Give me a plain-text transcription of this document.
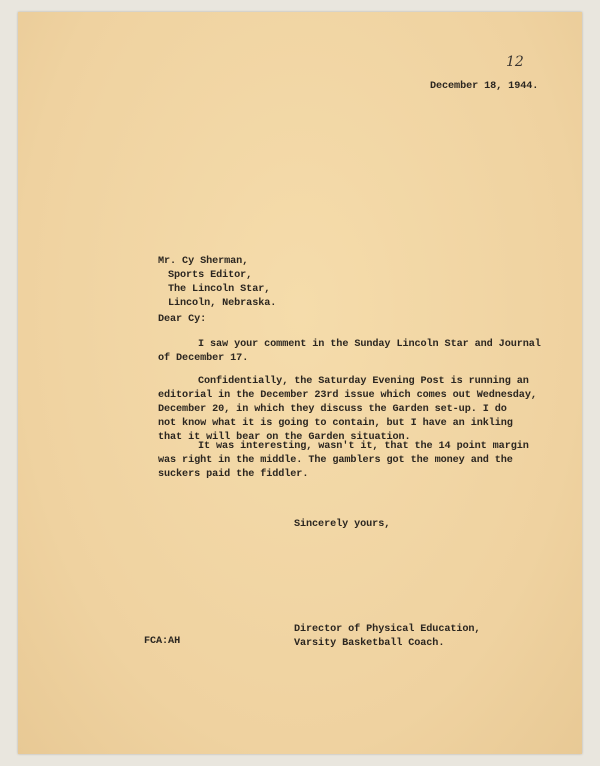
12
December 18, 1944.
Mr. Cy Sherman,
Sports Editor,
The Lincoln Star,
Lincoln, Nebraska.
Dear Cy:
I saw your comment in the Sunday Lincoln Star and Journal
of December 17.
Confidentially, the Saturday Evening Post is running an
editorial in the December 23rd issue which comes out Wednesday,
December 20, in which they discuss the Garden set-up. I do
not know what it is going to contain, but I have an inkling
that it will bear on the Garden situation.
It was interesting, wasn't it, that the 14 point margin
was right in the middle. The gamblers got the money and the
suckers paid the fiddler.
Sincerely yours,
Director of Physical Education,
Varsity Basketball Coach.
FCA:AH
